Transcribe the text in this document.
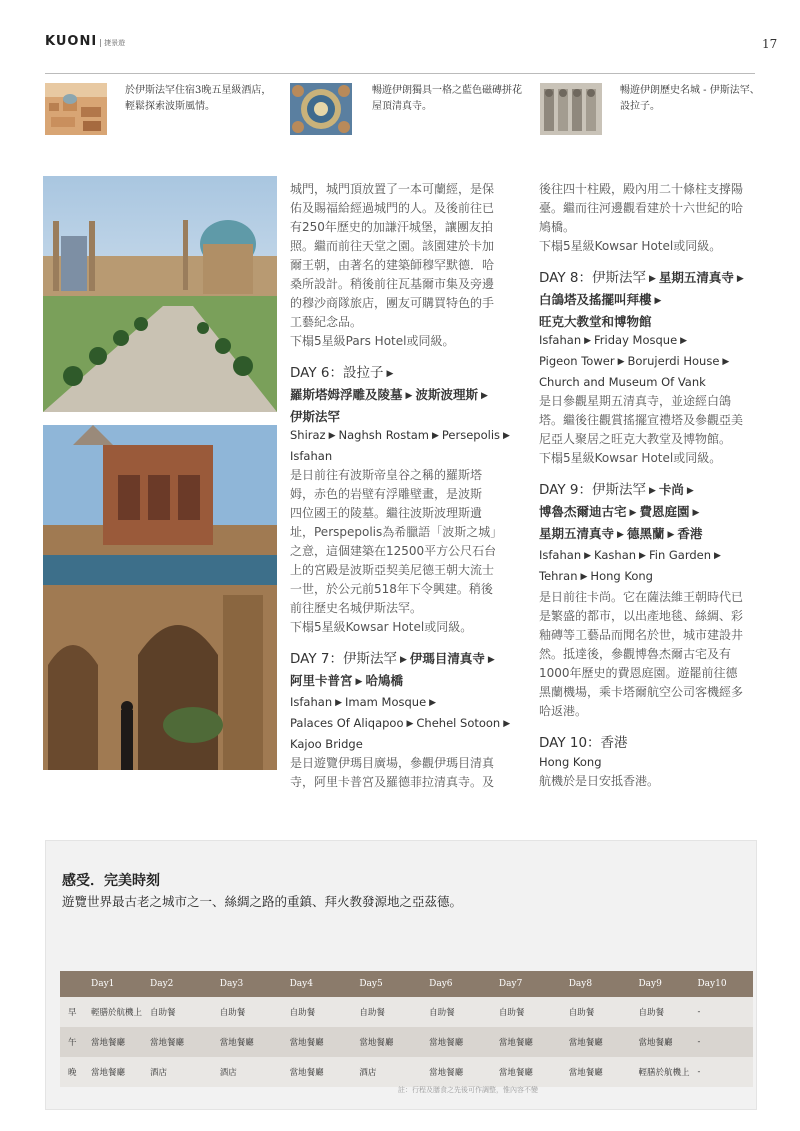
KUONI 捷景遊	17
於伊斯法罕住宿3晚五星級酒店，
輕鬆探索波斯風情。
暢遊伊朗獨具一格之藍色磁磚拼花
屋頂清真寺。
暢遊伊朗歷史名城 - 伊斯法罕、
設拉子。

城門，城門頂放置了一本可蘭經，是保

佑及賜福給經過城門的人。及後前往已

有250年歷史的加謙汗城堡，讓團友拍

照。繼而前往天堂之園。該園建於卡加

爾王朝，由著名的建築師穆罕默德．哈

桑所設計。稍後前往瓦基爾市集及旁邊

的穆沙商隊旅店，團友可購買特色的手

工藝紀念品。

下榻5星級Pars Hotel或同級。

DAY 6：設拉子 ▶

羅斯塔姆浮雕及陵墓 ▶ 波斯波理斯 ▶

伊斯法罕

Shiraz ▶ Naghsh Rostam ▶ Persepolis ▶

Isfahan

是日前往有波斯帝皇谷之稱的羅斯塔

姆，赤色的岩壁有浮雕壁畫，是波斯

四位國王的陵墓。繼往波斯波理斯遺

址，Perspepolis為希臘語「波斯之城」

之意，這個建築在12500平方公尺石台

上的宮殿是波斯亞契美尼德王朝大流士

一世，於公元前518年下令興建。稍後

前往歷史名城伊斯法罕。

下榻5星級Kowsar Hotel或同級。

DAY 7：伊斯法罕 ▶ 伊瑪目清真寺 ▶

阿里卡普宮 ▶ 哈鳩橋

Isfahan ▶ Imam Mosque ▶

Palaces Of Aliqapoo ▶ Chehel Sotoon ▶

Kajoo Bridge

是日遊覽伊瑪目廣場，參觀伊瑪目清真

寺，阿里卡普宮及羅德菲拉清真寺。及

後往四十柱殿，殿內用二十條柱支撐陽

臺。繼而往河邊觀看建於十六世紀的哈

鳩橋。

下榻5星級Kowsar Hotel或同級。

DAY 8：伊斯法罕 ▶ 星期五清真寺 ▶

白鴿塔及搖擺叫拜樓 ▶

旺克大教堂和博物館

Isfahan ▶ Friday Mosque ▶

Pigeon Tower ▶ Borujerdi House ▶

Church and Museum Of Vank

是日參觀星期五清真寺，並途經白鴿

塔。繼後往觀賞搖擺宣禮塔及參觀亞美

尼亞人聚居之旺克大教堂及博物館。

下榻5星級Kowsar Hotel或同級。

DAY 9：伊斯法罕 ▶ 卡尚 ▶

博魯杰爾迪古宅 ▶ 費恩庭園 ▶

星期五清真寺 ▶ 德黑蘭 ▶ 香港

Isfahan ▶ Kashan ▶ Fin Garden ▶

Tehran ▶ Hong Kong

是日前往卡尚。它在薩法維王朝時代已

是繁盛的都市，以出產地毯、絲綢、彩

釉磚等工藝品而聞名於世，城市建設井

然。抵達後，參觀博魯杰爾古宅及有

1000年歷史的費恩庭園。遊罷前往德

黑蘭機場，乘卡塔爾航空公司客機經多

哈返港。

DAY 10：香港

Hong Kong

航機於是日安抵香港。

感受．完美時刻
遊覽世界最古老之城市之一、絲綢之路的重鎮、拜火教發源地之亞茲德。
	Day1	Day2	Day3	Day4	Day5	Day6	Day7	Day8	Day9	Day10
早	輕膳於航機上	自助餐	自助餐	自助餐	自助餐	自助餐	自助餐	自助餐	自助餐	-
午	當地餐廳	當地餐廳	當地餐廳	當地餐廳	當地餐廳	當地餐廳	當地餐廳	當地餐廳	當地餐廳	-
晚	當地餐廳	酒店	酒店	當地餐廳	酒店	當地餐廳	當地餐廳	當地餐廳	輕膳於航機上	-
註：行程及膳食之先後可作調整，惟內容不變
